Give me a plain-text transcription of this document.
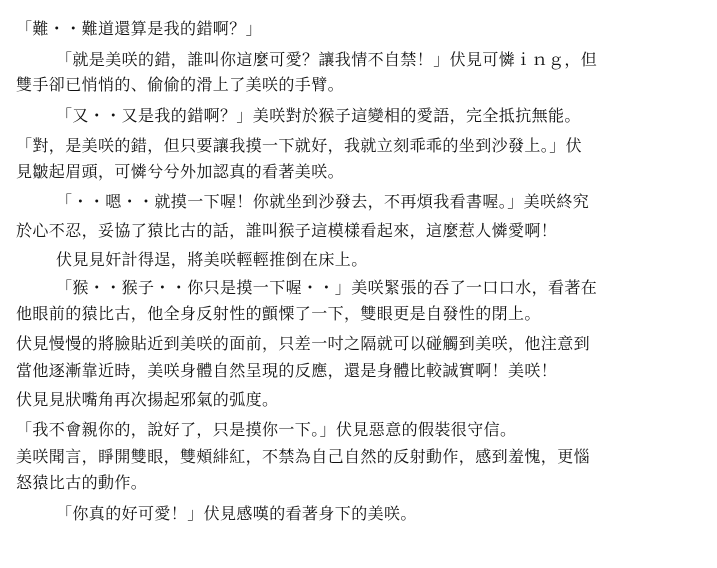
「難・・難道還算是我的錯啊？」
「就是美咲的錯，誰叫你這麼可愛？讓我情不自禁！」伏見可憐ｉｎｇ，但
雙手卻已悄悄的、偷偷的滑上了美咲的手臂。
「又・・又是我的錯啊？」美咲對於猴子這變相的愛語，完全抵抗無能。
「對，是美咲的錯，但只要讓我摸一下就好，我就立刻乖乖的坐到沙發上。」伏
見皺起眉頭，可憐兮兮外加認真的看著美咲。
「・・嗯・・就摸一下喔！你就坐到沙發去，不再煩我看書喔。」美咲終究
於心不忍，妥協了猿比古的話，誰叫猴子這模樣看起來，這麼惹人憐愛啊！
伏見見奸計得逞，將美咲輕輕推倒在床上。
「猴・・猴子・・你只是摸一下喔・・」美咲緊張的吞了一口口水，看著在
他眼前的猿比古，他全身反射性的顫慄了一下，雙眼更是自發性的閉上。
伏見慢慢的將臉貼近到美咲的面前，只差一吋之隔就可以碰觸到美咲，他注意到
當他逐漸靠近時，美咲身體自然呈現的反應，還是身體比較誠實啊！美咲！
伏見見狀嘴角再次揚起邪氣的弧度。
「我不會親你的，說好了，只是摸你一下。」伏見惡意的假裝很守信。
美咲聞言，睜開雙眼，雙頰緋紅，不禁為自己自然的反射動作，感到羞愧，更惱
怒猿比古的動作。
「你真的好可愛！」伏見感嘆的看著身下的美咲。
